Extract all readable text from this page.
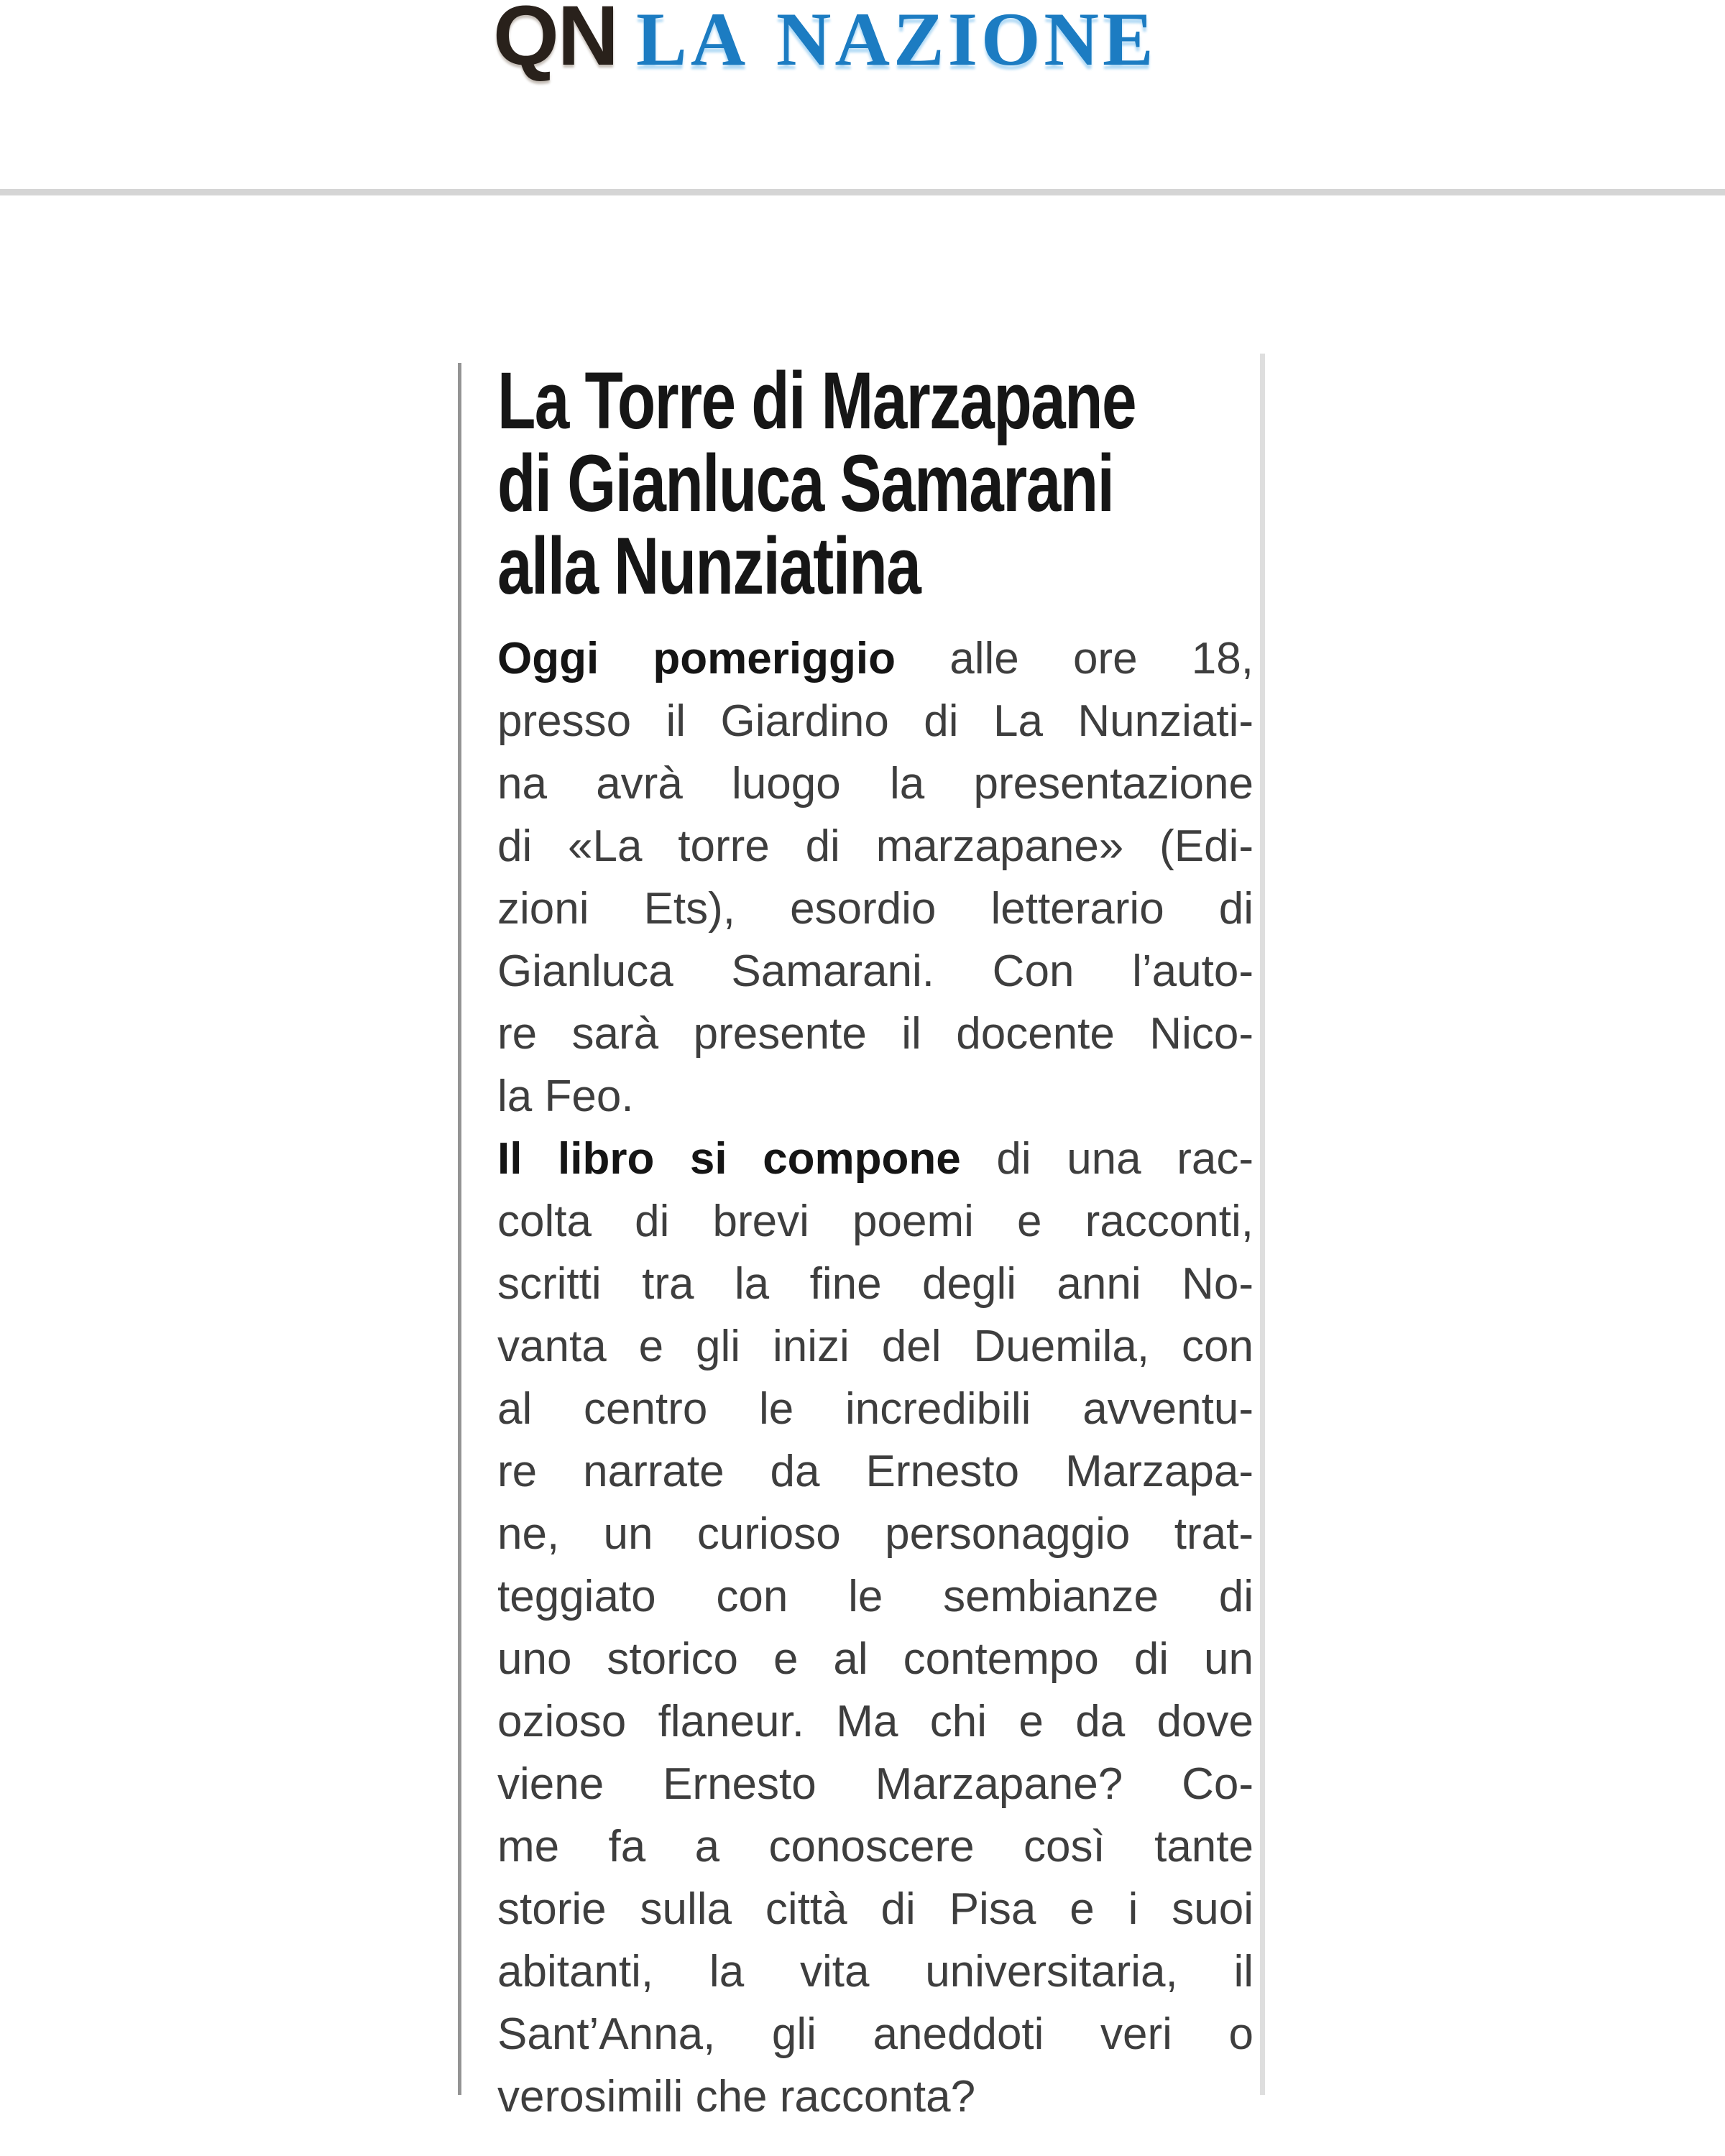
QN LA NAZIONE
La Torre di Marzapane
di Gianluca Samarani
alla Nunziatina
Oggi pomeriggio alle ore 18,
presso il Giardino di La Nunziati-
na avrà luogo la presentazione
di «La torre di marzapane» (Edi-
zioni Ets), esordio letterario di
Gianluca Samarani. Con l’auto-
re sarà presente il docente Nico-
la Feo.
Il libro si compone di una rac-
colta di brevi poemi e racconti,
scritti tra la fine degli anni No-
vanta e gli inizi del Duemila, con
al centro le incredibili avventu-
re narrate da Ernesto Marzapa-
ne, un curioso personaggio trat-
teggiato con le sembianze di
uno storico e al contempo di un
ozioso flaneur. Ma chi e da dove
viene Ernesto Marzapane? Co-
me fa a conoscere così tante
storie sulla città di Pisa e i suoi
abitanti, la vita universitaria, il
Sant’Anna, gli aneddoti veri o
verosimili che racconta?
